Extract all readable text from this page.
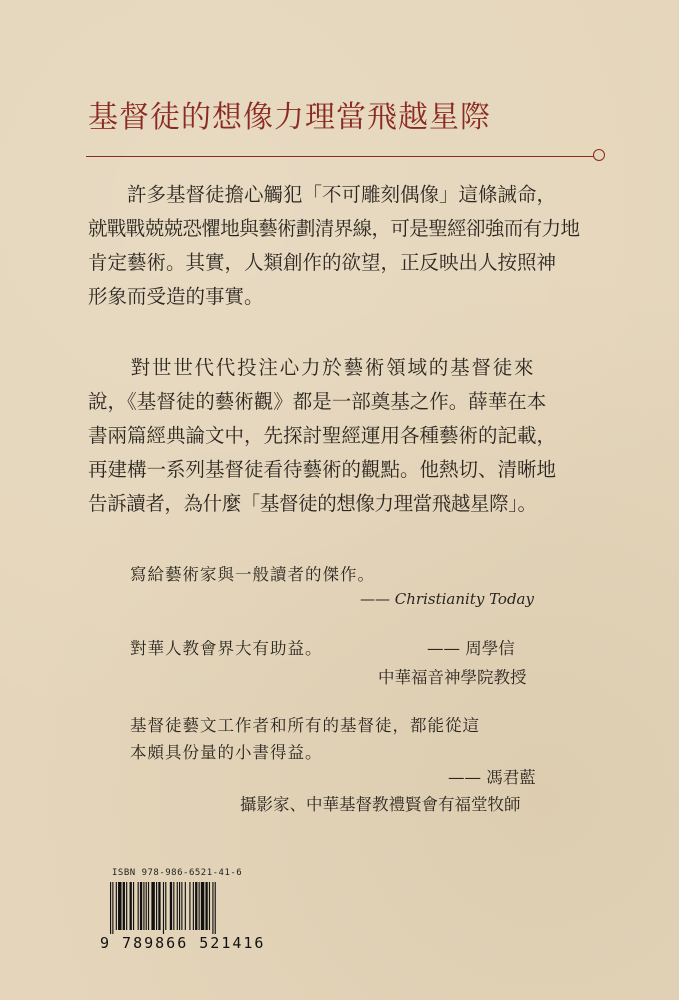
基督徒的想像力理當飛越星際
　　許多基督徒擔心觸犯「不可雕刻偶像」這條誡命，
就戰戰兢兢恐懼地與藝術劃清界線，可是聖經卻強而有力地
肯定藝術。其實，人類創作的欲望，正反映出人按照神
形象而受造的事實。
　　對世世代代投注心力於藝術領域的基督徒來
說，《基督徒的藝術觀》都是一部奠基之作。薛華在本
書兩篇經典論文中，先探討聖經運用各種藝術的記載，
再建構一系列基督徒看待藝術的觀點。他熱切、清晰地
告訴讀者，為什麼「基督徒的想像力理當飛越星際」。
寫給藝術家與一般讀者的傑作。
—— Christianity Today
對華人教會界大有助益。	—— 周學信
中華福音神學院教授
基督徒藝文工作者和所有的基督徒，都能從這
本頗具份量的小書得益。
—— 馮君藍
攝影家、中華基督教禮賢會有福堂牧師
ISBN 978-986-6521-41-6
9 789866 521416
